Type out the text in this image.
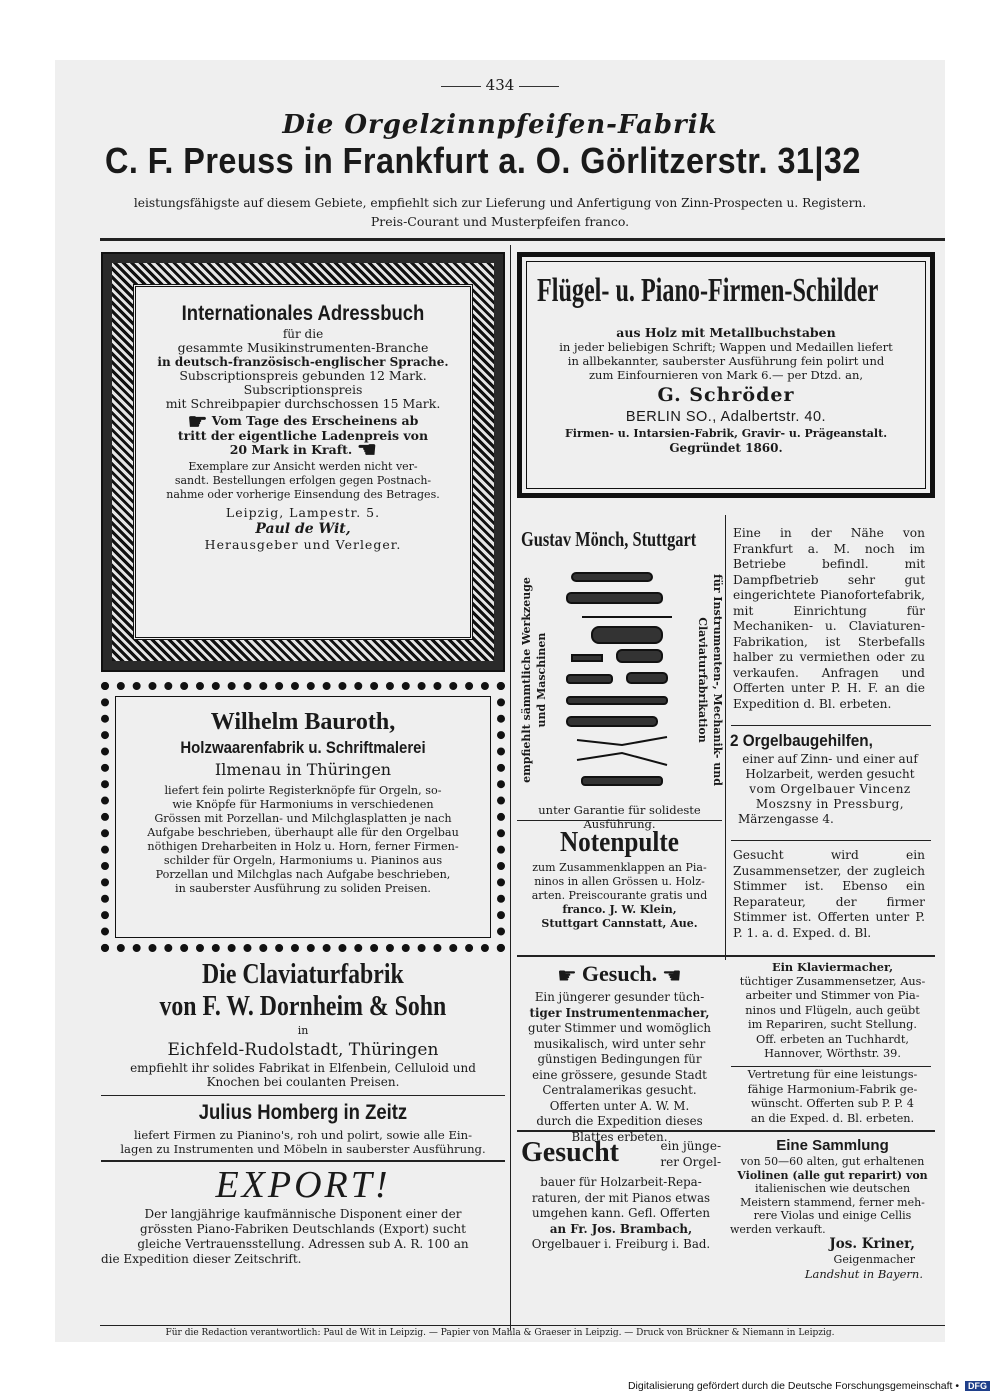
434
Die Orgelzinnpfeifen-Fabrik
C. F. Preuss in Frankfurt a. O. Görlitzerstr. 31|32
leistungsfähigste auf diesem Gebiete, empfiehlt sich zur Lieferung und Anfertigung von Zinn-Prospecten u. Registern.
Preis-Courant und Musterpfeifen franco.
Internationales Adressbuch
für die
gesammte Musikinstrumenten-Branche
in deutsch-französisch-englischer Sprache.
Subscriptionspreis gebunden 12 Mark.
Subscriptionspreis
mit Schreibpapier durchschossen 15 Mark.
☛ Vom Tage des Erscheinens ab
tritt der eigentliche Ladenpreis von
20 Mark in Kraft. ☛
Exemplare zur Ansicht werden nicht ver-
sandt. Bestellungen erfolgen gegen Postnach-
nahme oder vorherige Einsendung des Betrages.
Leipzig, Lampestr. 5.
Paul de Wit,
Herausgeber und Verleger.
Flügel- u. Piano-Firmen-Schilder
aus Holz mit Metallbuchstaben
in jeder beliebigen Schrift; Wappen und Medaillen liefert
in allbekannter, sauberster Ausführung fein polirt und
zum Einfournieren von Mark 6.— per Dtzd. an,
G. Schröder
BERLIN SO., Adalbertstr. 40.
Firmen- u. Intarsien-Fabrik, Gravir- u. Prägeanstalt.
Gegründet 1860.
Gustav Mönch, Stuttgart
empfiehlt sämmtliche Werkzeuge und Maschinen	für Instrumenten-, Mechanik- und Claviaturfabrikation
unter Garantie für solideste
Ausführung.
Eine in der Nähe von Frankfurt a. M. noch im Betriebe befindl. mit Dampfbetrieb sehr gut eingerichtete Pianofortefabrik, mit Einrichtung für Mechaniken- u. Claviaturen-Fabrikation, ist Sterbefalls halber zu vermiethen oder zu verkaufen. Anfragen und Offerten unter P. H. F. an die Expedition d. Bl. erbeten.
2 Orgelbaugehilfen,
einer auf Zinn- und einer auf
Holzarbeit, werden gesucht
vom Orgelbauer Vincenz
Moszsny in Pressburg,
Märzengasse 4.
Wilhelm Bauroth,
Holzwaarenfabrik u. Schriftmalerei
Ilmenau in Thüringen
liefert fein polirte Registerknöpfe für Orgeln, so-
wie Knöpfe für Harmoniums in verschiedenen
Grössen mit Porzellan- und Milchglasplatten je nach
Aufgabe beschrieben, überhaupt alle für den Orgelbau
nöthigen Dreharbeiten in Holz u. Horn, ferner Firmen-
schilder für Orgeln, Harmoniums u. Pianinos aus
Porzellan und Milchglas nach Aufgabe beschrieben,
in sauberster Ausführung zu soliden Preisen.
Notenpulte
zum Zusammenklappen an Pia-
ninos in allen Grössen u. Holz-
arten. Preiscourante gratis und
franco. J. W. Klein,
Stuttgart Cannstatt, Aue.
Gesucht wird ein Zusammensetzer, der zugleich Stimmer ist. Ebenso ein Reparateur, der firmer Stimmer ist. Offerten unter P. P. 1. a. d. Exped. d. Bl.
Die Claviaturfabrik
von F. W. Dornheim & Sohn
in
Eichfeld-Rudolstadt, Thüringen
empfiehlt ihr solides Fabrikat in Elfenbein, Celluloid und
Knochen bei coulanten Preisen.
☛ Gesuch. ☛
Ein jüngerer gesunder tüch-
tiger Instrumentenmacher,
guter Stimmer und womöglich
musikalisch, wird unter sehr
günstigen Bedingungen für
eine grössere, gesunde Stadt
Centralamerikas gesucht.
Offerten unter A. W. M.
durch die Expedition dieses
Blattes erbeten.
Ein Klaviermacher,
tüchtiger Zusammensetzer, Aus-
arbeiter und Stimmer von Pia-
ninos und Flügeln, auch geübt
im Repariren, sucht Stellung.
Off. erbeten an Tuchhardt,
Hannover, Wörthstr. 39.
Vertretung für eine leistungs-
fähige Harmonium-Fabrik ge-
wünscht. Offerten sub P. P. 4
an die Exped. d. Bl. erbeten.
Julius Homberg in Zeitz
liefert Firmen zu Pianino's, roh und polirt, sowie alle Ein-
lagen zu Instrumenten und Möbeln in sauberster Ausführung.
EXPORT!
Der langjährige kaufmännische Disponent einer der
grössten Piano-Fabriken Deutschlands (Export) sucht
gleiche Vertrauensstellung. Adressen sub A. R. 100 an
die Expedition dieser Zeitschrift.
Gesucht	ein jünge-
rer Orgel-
bauer für Holzarbeit-Repa-
raturen, der mit Pianos etwas
umgehen kann. Gefl. Offerten
an Fr. Jos. Brambach,
Orgelbauer i. Freiburg i. Bad.
Eine Sammlung
von 50—60 alten, gut erhaltenen
Violinen (alle gut reparirt) von
italienischen wie deutschen
Meistern stammend, ferner meh-
rere Violas und einige Cellis
werden verkauft.
Jos. Kriner,
Geigenmacher
Landshut in Bayern.
Für die Redaction verantwortlich: Paul de Wit in Leipzig. — Papier von Mahla & Graeser in Leipzig. — Druck von Brückner & Niemann in Leipzig.
Digitalisierung gefördert durch die Deutsche Forschungsgemeinschaft • DFG
